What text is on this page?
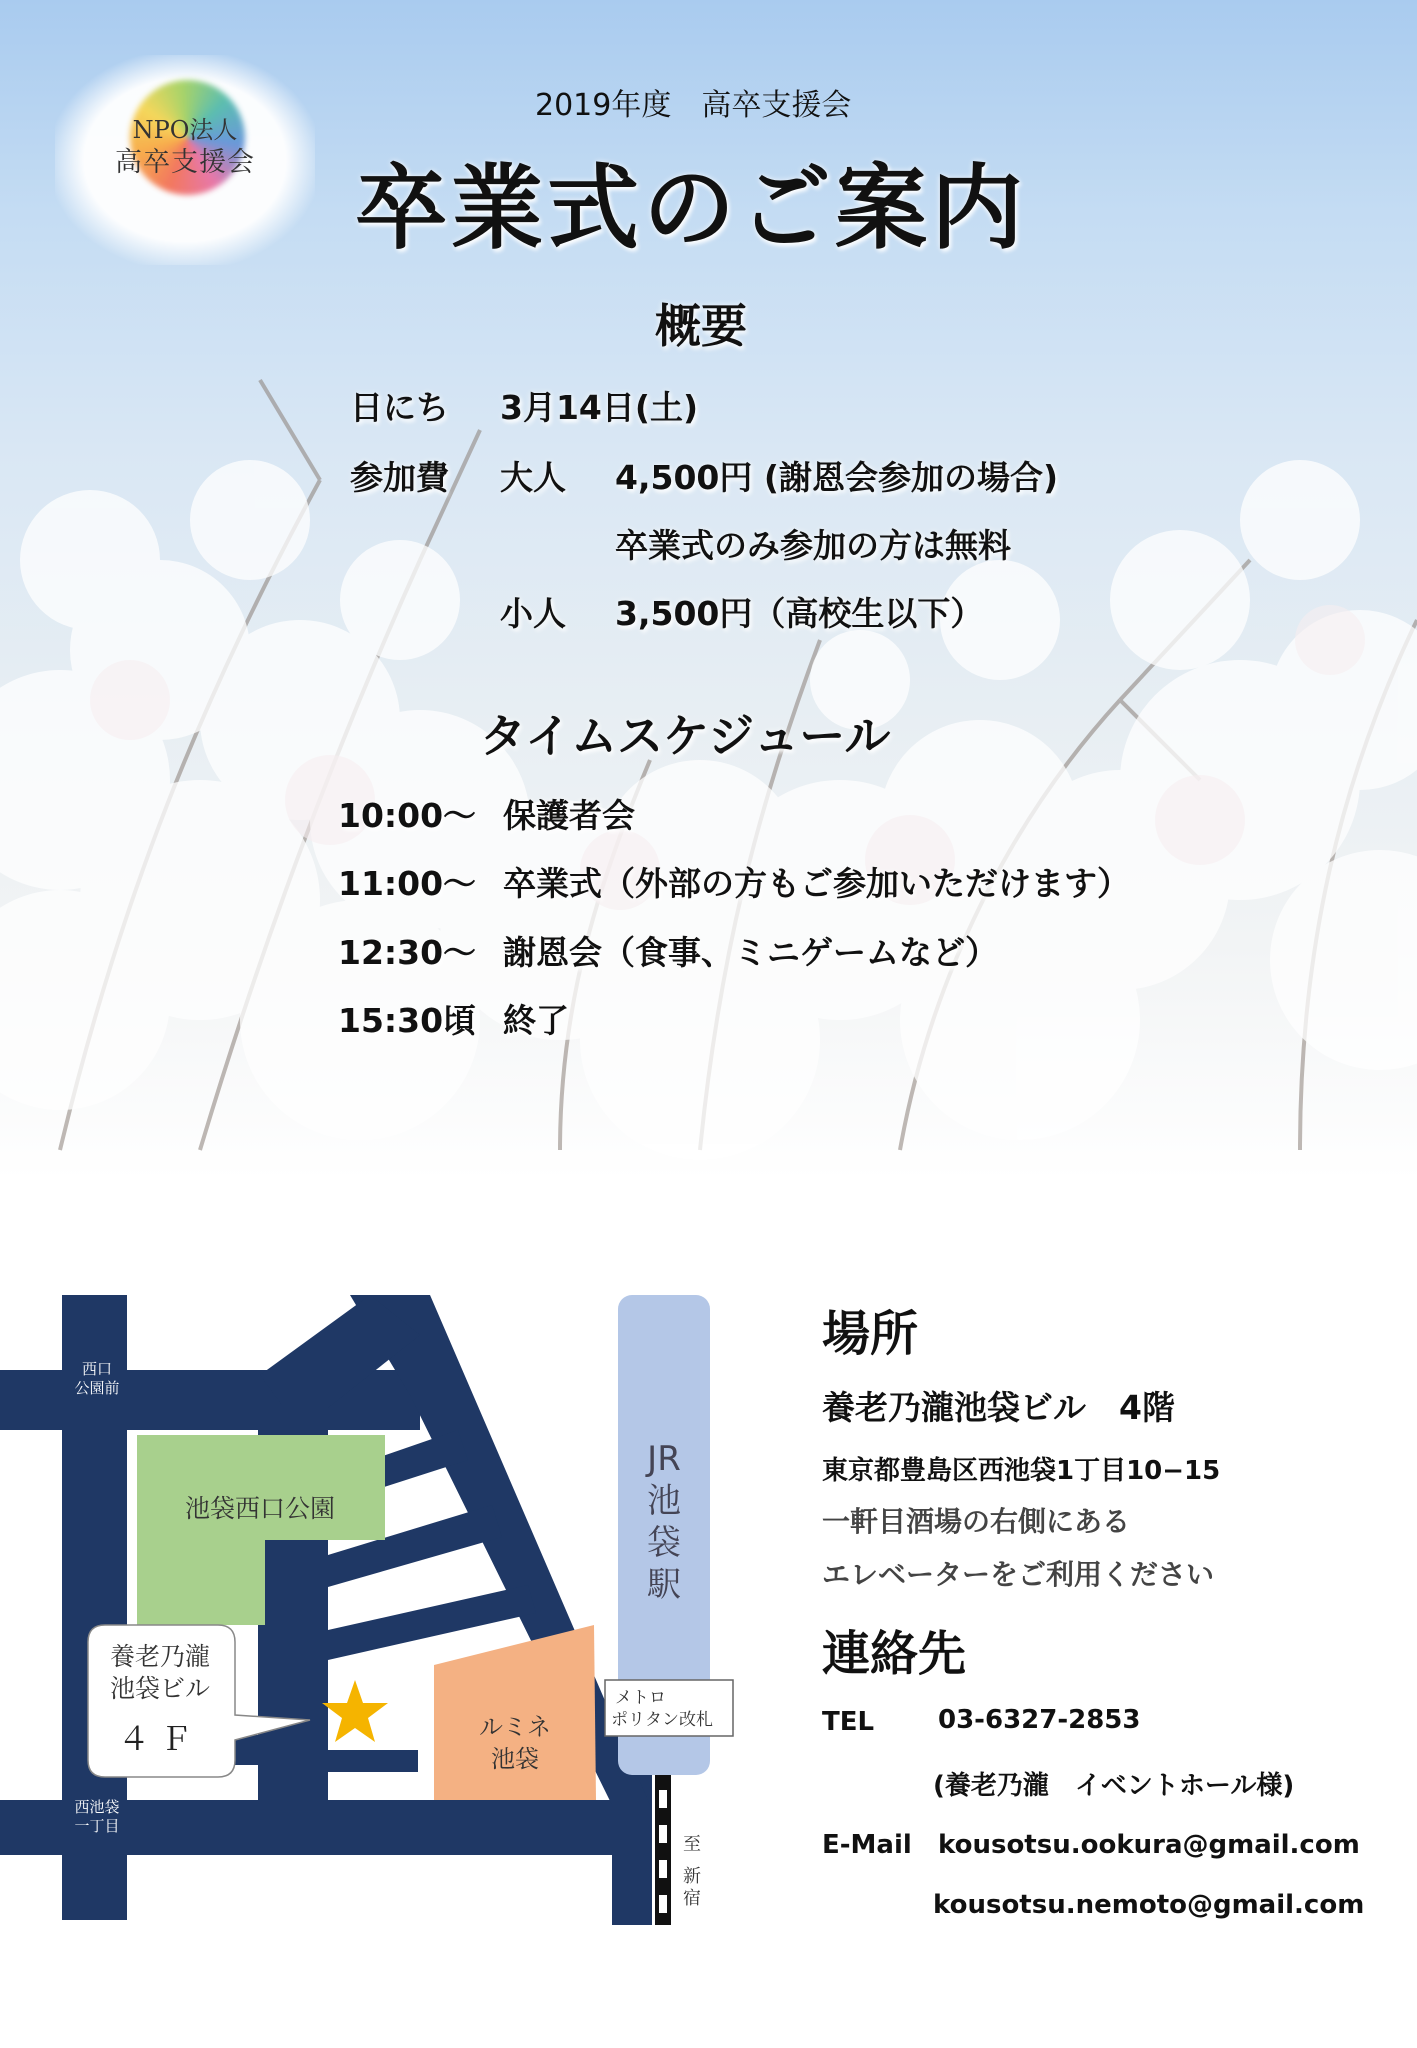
NPO法人
高卒支援会
2019年度　高卒支援会
卒業式のご案内
概要
日にち 3月14日(土)
参加費 大人 4,500円 (謝恩会参加の場合)
卒業式のみ参加の方は無料
小人 3,500円（高校生以下）
タイムスケジュール
10:00～ 保護者会
11:00～ 卒業式（外部の方もご参加いただけます）
12:30～ 謝恩会（食事、ミニゲームなど）
15:30頃 終了
池袋西口公園
ルミネ
池袋
JR
池
袋
駅
至
新
宿
メトロ
ポリタン改札
西口
公園前
西池袋
一丁目
養老乃瀧
池袋ビル
４ Ｆ
場所
養老乃瀧池袋ビル　4階
東京都豊島区西池袋1丁目10−15
一軒目酒場の右側にある
エレベーターをご利用ください
連絡先
TEL 03-6327-2853
(養老乃瀧　イベントホール様)
E-Mail kousotsu.ookura@gmail.com
kousotsu.nemoto@gmail.com
